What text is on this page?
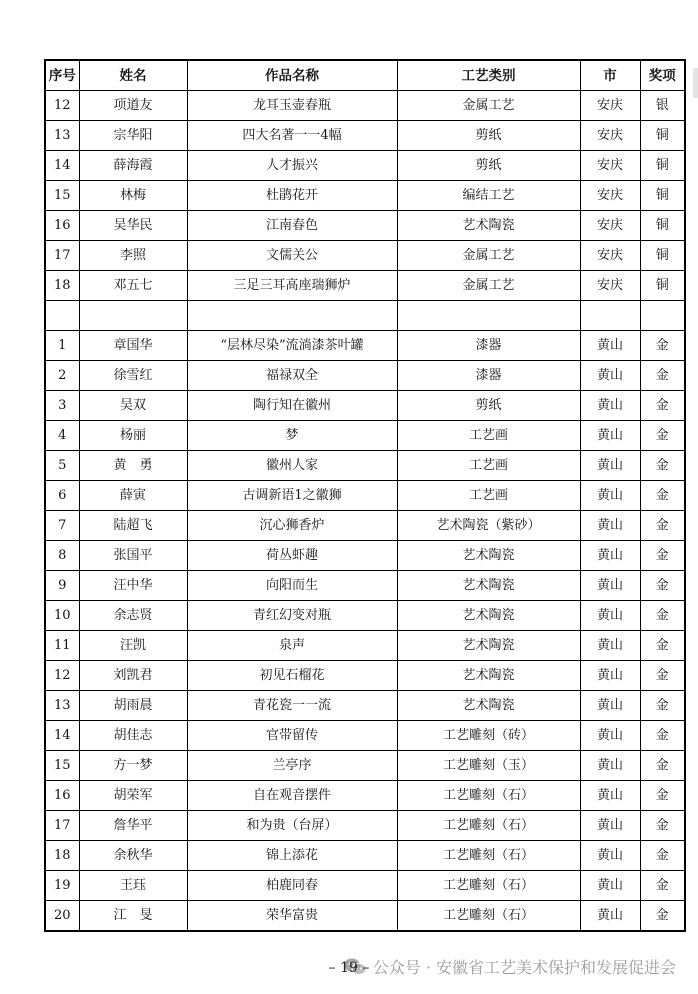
序号	姓名	作品名称	工艺类别	市	奖项
12	项道友	龙耳玉壶春瓶	金属工艺	安庆	银
13	宗华阳	四大名著一一4幅	剪纸	安庆	铜
14	薛海霞	人才振兴	剪纸	安庆	铜
15	林梅	杜鹃花开	编结工艺	安庆	铜
16	吴华民	江南春色	艺术陶瓷	安庆	铜
17	李照	文儒关公	金属工艺	安庆	铜
18	邓五七	三足三耳高座瑞狮炉	金属工艺	安庆	铜

1	章国华	“层林尽染”流淌漆茶叶罐	漆器	黄山	金
2	徐雪红	福禄双全	漆器	黄山	金
3	吴双	陶行知在徽州	剪纸	黄山	金
4	杨丽	梦	工艺画	黄山	金
5	黄　勇	徽州人家	工艺画	黄山	金
6	薛寅	古调新语1之徽狮	工艺画	黄山	金
7	陆超飞	沉心狮香炉	艺术陶瓷（紫砂）	黄山	金
8	张国平	荷丛虾趣	艺术陶瓷	黄山	金
9	汪中华	向阳而生	艺术陶瓷	黄山	金
10	余志贤	青红幻变对瓶	艺术陶瓷	黄山	金
11	汪凯	泉声	艺术陶瓷	黄山	金
12	刘凯君	初见石榴花	艺术陶瓷	黄山	金
13	胡雨晨	青花瓷一一流	艺术陶瓷	黄山	金
14	胡佳志	官带留传	工艺雕刻（砖）	黄山	金
15	方一梦	兰亭序	工艺雕刻（玉）	黄山	金
16	胡荣军	自在观音摆件	工艺雕刻（石）	黄山	金
17	詹华平	和为贵（台屏）	工艺雕刻（石）	黄山	金
18	余秋华	锦上添花	工艺雕刻（石）	黄山	金
19	王珏	柏鹿同春	工艺雕刻（石）	黄山	金
20	江　旻	荣华富贵	工艺雕刻（石）	黄山	金
公众号 · 安徽省工艺美术保护和发展促进会
– 19 –
